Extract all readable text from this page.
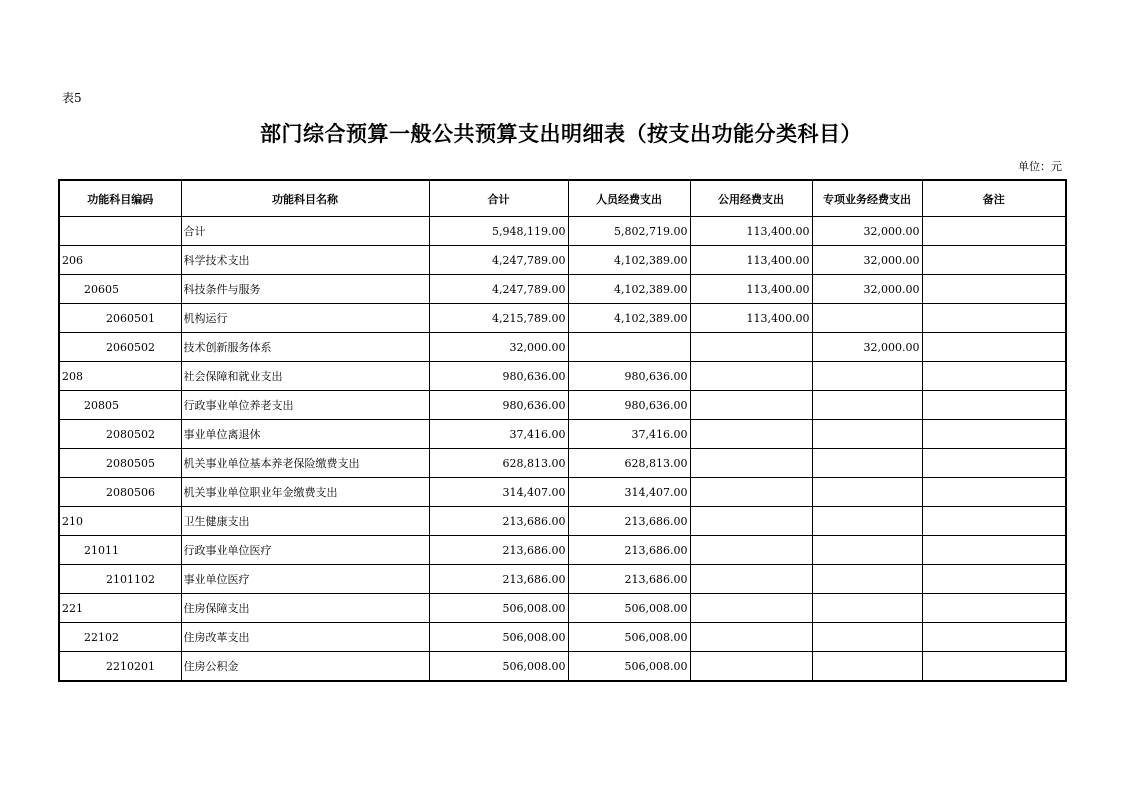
表5
部门综合预算一般公共预算支出明细表（按支出功能分类科目）
单位：元
功能科目编码	功能科目名称	合计	人员经费支出	公用经费支出	专项业务经费支出	备注
	合计	5,948,119.00	5,802,719.00	113,400.00	32,000.00	
206	科学技术支出	4,247,789.00	4,102,389.00	113,400.00	32,000.00	
20605	科技条件与服务	4,247,789.00	4,102,389.00	113,400.00	32,000.00	
2060501	机构运行	4,215,789.00	4,102,389.00	113,400.00		
2060502	技术创新服务体系	32,000.00			32,000.00	
208	社会保障和就业支出	980,636.00	980,636.00			
20805	行政事业单位养老支出	980,636.00	980,636.00			
2080502	事业单位离退休	37,416.00	37,416.00			
2080505	机关事业单位基本养老保险缴费支出	628,813.00	628,813.00			
2080506	机关事业单位职业年金缴费支出	314,407.00	314,407.00			
210	卫生健康支出	213,686.00	213,686.00			
21011	行政事业单位医疗	213,686.00	213,686.00			
2101102	事业单位医疗	213,686.00	213,686.00			
221	住房保障支出	506,008.00	506,008.00			
22102	住房改革支出	506,008.00	506,008.00			
2210201	住房公积金	506,008.00	506,008.00			
